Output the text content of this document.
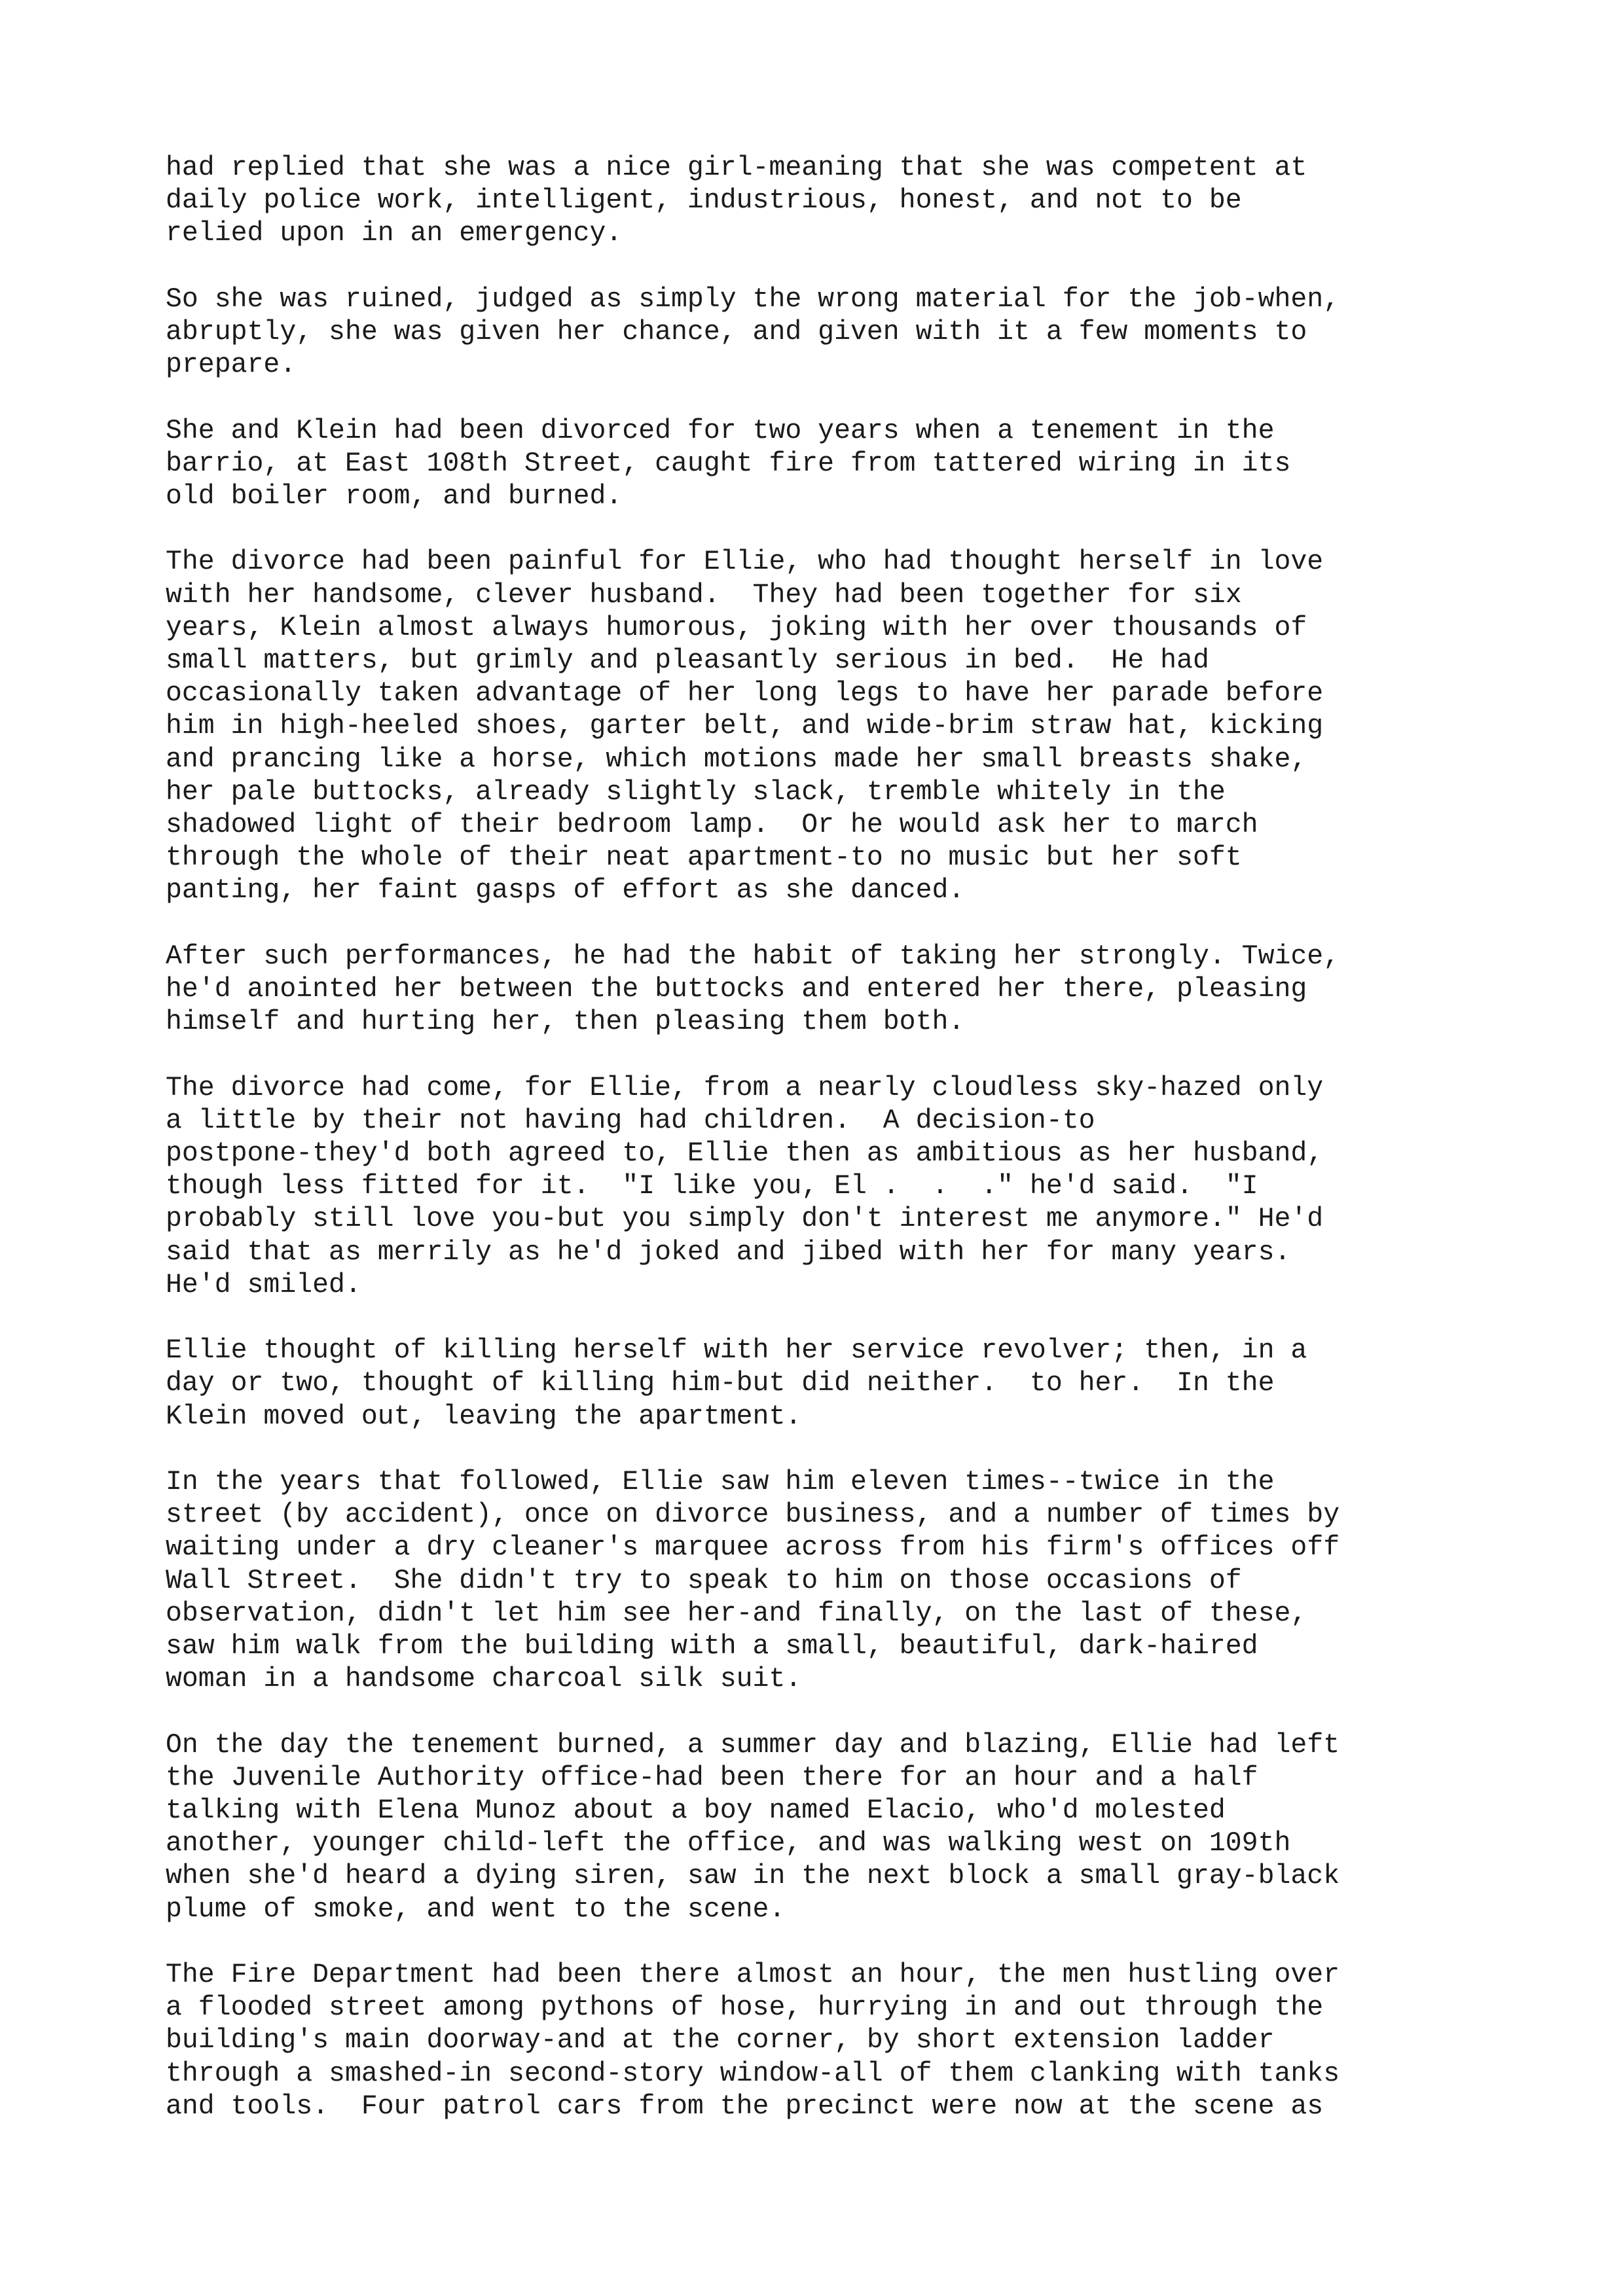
had replied that she was a nice girl-meaning that she was competent at
daily police work, intelligent, industrious, honest, and not to be
relied upon in an emergency.

So she was ruined, judged as simply the wrong material for the job-when,
abruptly, she was given her chance, and given with it a few moments to
prepare.

She and Klein had been divorced for two years when a tenement in the
barrio, at East 108th Street, caught fire from tattered wiring in its
old boiler room, and burned.

The divorce had been painful for Ellie, who had thought herself in love
with her handsome, clever husband.  They had been together for six
years, Klein almost always humorous, joking with her over thousands of
small matters, but grimly and pleasantly serious in bed.  He had
occasionally taken advantage of her long legs to have her parade before
him in high-heeled shoes, garter belt, and wide-brim straw hat, kicking
and prancing like a horse, which motions made her small breasts shake,
her pale buttocks, already slightly slack, tremble whitely in the
shadowed light of their bedroom lamp.  Or he would ask her to march
through the whole of their neat apartment-to no music but her soft
panting, her faint gasps of effort as she danced.

After such performances, he had the habit of taking her strongly. Twice,
he'd anointed her between the buttocks and entered her there, pleasing
himself and hurting her, then pleasing them both.

The divorce had come, for Ellie, from a nearly cloudless sky-hazed only
a little by their not having had children.  A decision-to
postpone-they'd both agreed to, Ellie then as ambitious as her husband,
though less fitted for it.  "I like you, El .  .  ." he'd said.  "I
probably still love you-but you simply don't interest me anymore." He'd
said that as merrily as he'd joked and jibed with her for many years.
He'd smiled.

Ellie thought of killing herself with her service revolver; then, in a
day or two, thought of killing him-but did neither.  to her.  In the
Klein moved out, leaving the apartment.

In the years that followed, Ellie saw him eleven times--twice in the
street (by accident), once on divorce business, and a number of times by
waiting under a dry cleaner's marquee across from his firm's offices off
Wall Street.  She didn't try to speak to him on those occasions of
observation, didn't let him see her-and finally, on the last of these,
saw him walk from the building with a small, beautiful, dark-haired
woman in a handsome charcoal silk suit.

On the day the tenement burned, a summer day and blazing, Ellie had left
the Juvenile Authority office-had been there for an hour and a half
talking with Elena Munoz about a boy named Elacio, who'd molested
another, younger child-left the office, and was walking west on 109th
when she'd heard a dying siren, saw in the next block a small gray-black
plume of smoke, and went to the scene.

The Fire Department had been there almost an hour, the men hustling over
a flooded street among pythons of hose, hurrying in and out through the
building's main doorway-and at the corner, by short extension ladder
through a smashed-in second-story window-all of them clanking with tanks
and tools.  Four patrol cars from the precinct were now at the scene as
